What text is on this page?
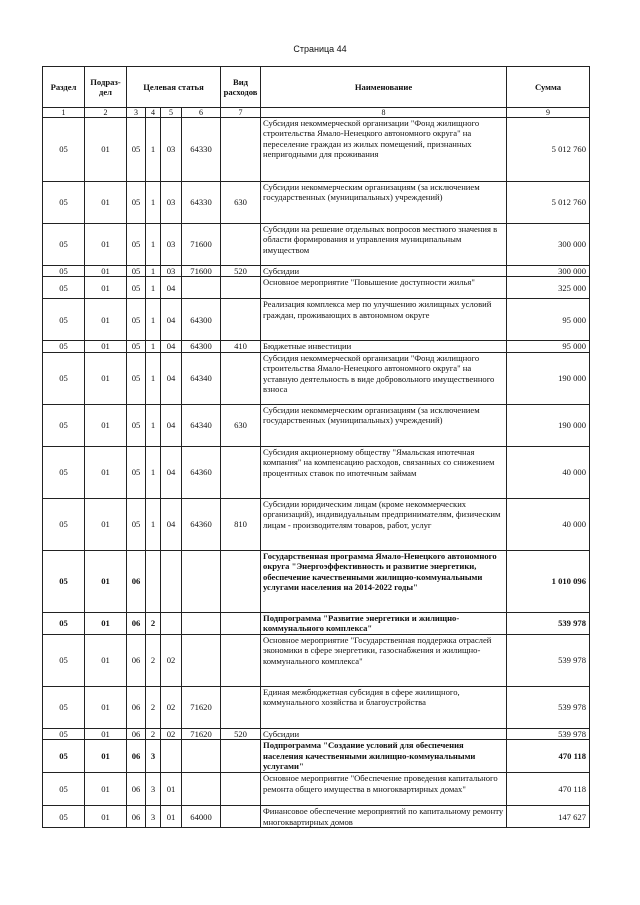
Страница 44
Раздел	Подраз-дел	Целевая статья				Вид расходов	Наименование	Сумма
1	2	3	4	5	6	7	8	9
05	01	05	1	03	64330		Субсидия некоммерческой организации "Фонд жилищного строительства Ямало-Ненецкого автономного округа" на переселение граждан из жилых помещений, признанных непригодными для проживания	5 012 760
05	01	05	1	03	64330	630	Субсидии некоммерческим организациям (за исключением государственных (муниципальных) учреждений)	5 012 760
05	01	05	1	03	71600		Субсидии на решение отдельных вопросов местного значения в области формирования и управления муниципальным имуществом	300 000
05	01	05	1	03	71600	520	Субсидии	300 000
05	01	05	1	04			Основное мероприятие "Повышение доступности жилья"	325 000
05	01	05	1	04	64300		Реализация комплекса мер по улучшению жилищных условий граждан, проживающих в автономном округе	95 000
05	01	05	1	04	64300	410	Бюджетные инвестиции	95 000
05	01	05	1	04	64340		Субсидия некоммерческой организации "Фонд жилищного строительства Ямало-Ненецкого автономного округа" на уставную деятельность в виде добровольного имущественного взноса	190 000
05	01	05	1	04	64340	630	Субсидии некоммерческим организациям (за исключением государственных (муниципальных) учреждений)	190 000
05	01	05	1	04	64360		Субсидия акционерному обществу "Ямальская ипотечная компания" на компенсацию расходов, связанных со снижением процентных ставок по ипотечным займам	40 000
05	01	05	1	04	64360	810	Субсидии юридическим лицам (кроме некоммерческих организаций), индивидуальным предпринимателям, физическим лицам - производителям товаров, работ, услуг	40 000
05	01	06					Государственная программа Ямало-Ненецкого автономного округа "Энергоэффективность и развитие энергетики, обеспечение качественными жилищно-коммунальными услугами населения на 2014-2022 годы"	1 010 096
05	01	06	2				Подпрограмма "Развитие энергетики и жилищно-коммунального комплекса"	539 978
05	01	06	2	02			Основное мероприятие "Государственная поддержка отраслей экономики в сфере энергетики, газоснабжения и жилищно-коммунального комплекса"	539 978
05	01	06	2	02	71620		Единая межбюджетная субсидия в сфере жилищного, коммунального хозяйства и благоустройства	539 978
05	01	06	2	02	71620	520	Субсидии	539 978
05	01	06	3				Подпрограмма "Создание условий для обеспечения населения качественными жилищно-коммунальными услугами"	470 118
05	01	06	3	01			Основное мероприятие "Обеспечение проведения капитального ремонта общего имущества в многоквартирных домах"	470 118
05	01	06	3	01	64000		Финансовое обеспечение мероприятий по капитальному ремонту многоквартирных домов	147 627
